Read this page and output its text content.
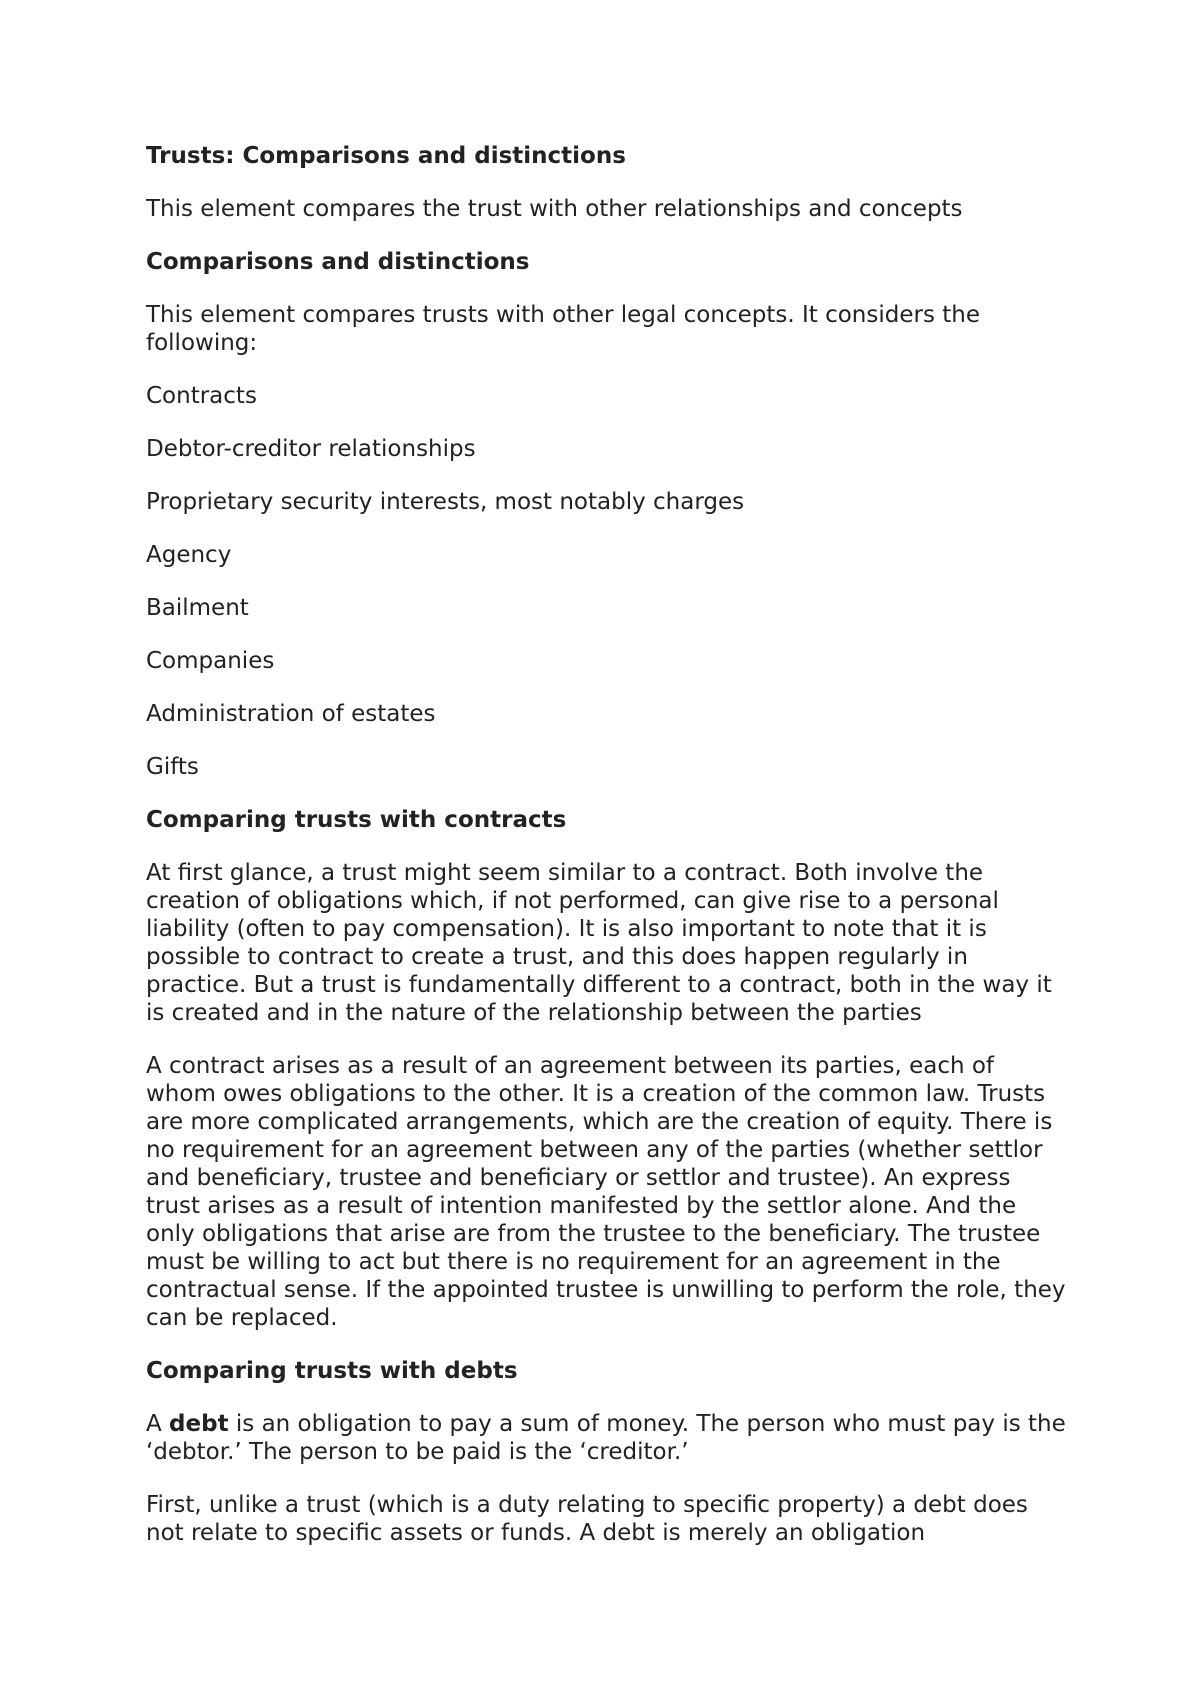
Trusts: Comparisons and distinctions

This element compares the trust with other relationships and concepts

Comparisons and distinctions

This element compares trusts with other legal concepts. It considers the following:

Contracts
Debtor-creditor relationships
Proprietary security interests, most notably charges
Agency
Bailment
Companies
Administration of estates
Gifts
Comparing trusts with contracts

At first glance, a trust might seem similar to a contract. Both involve the creation of obligations which, if not performed, can give rise to a personal liability (often to pay compensation). It is also important to note that it is possible to contract to create a trust, and this does happen regularly in practice. But a trust is fundamentally different to a contract, both in the way it is created and in the nature of the relationship between the parties

A contract arises as a result of an agreement between its parties, each of whom owes obligations to the other. It is a creation of the common law. Trusts are more complicated arrangements, which are the creation of equity. There is no requirement for an agreement between any of the parties (whether settlor and beneficiary, trustee and beneficiary or settlor and trustee). An express trust arises as a result of intention manifested by the settlor alone. And the only obligations that arise are from the trustee to the beneficiary. The trustee must be willing to act but there is no requirement for an agreement in the contractual sense. If the appointed trustee is unwilling to perform the role, they can be replaced.

Comparing trusts with debts

A debt is an obligation to pay a sum of money. The person who must pay is the ‘debtor.’ The person to be paid is the ‘creditor.’

First, unlike a trust (which is a duty relating to specific property) a debt does not relate to specific assets or funds. A debt is merely an obligation
